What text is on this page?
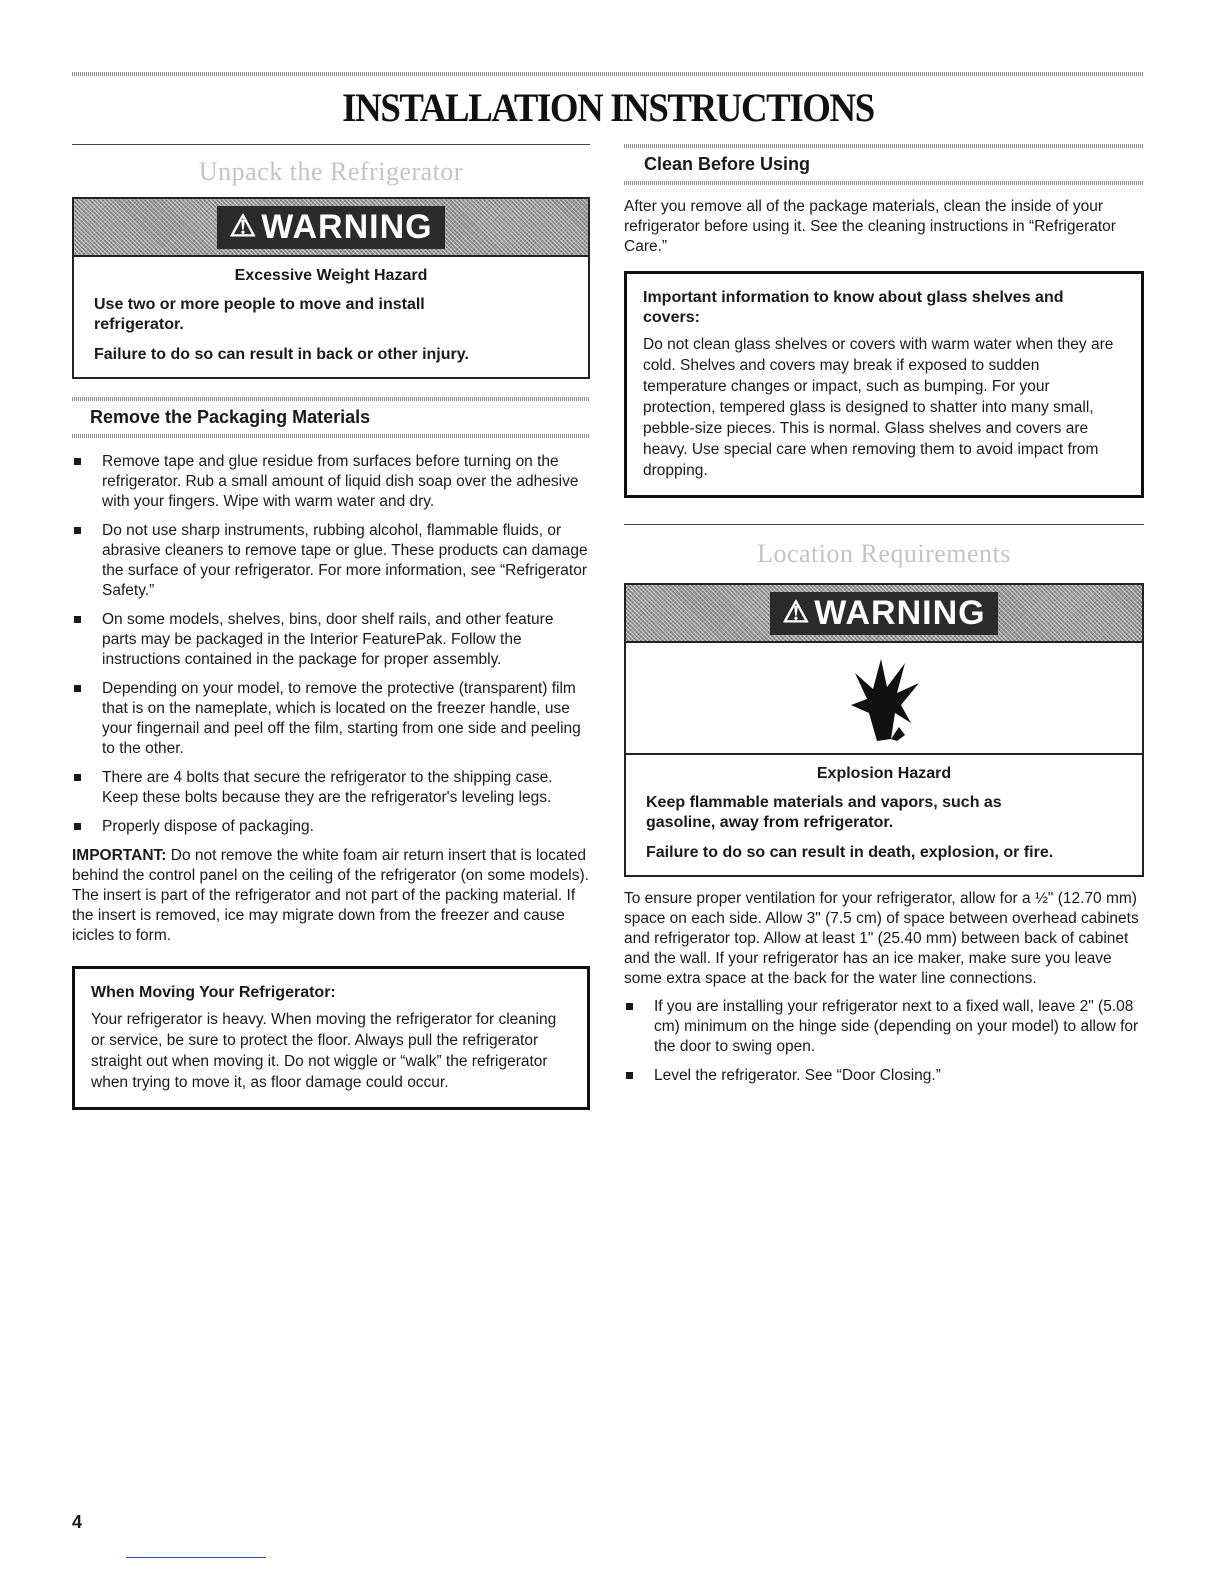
INSTALLATION INSTRUCTIONS
Unpack the Refrigerator
⚠ WARNING
Excessive Weight Hazard

Use two or more people to move and install refrigerator.

Failure to do so can result in back or other injury.

Remove the Packaging Materials
Remove tape and glue residue from surfaces before turning on the refrigerator. Rub a small amount of liquid dish soap over the adhesive with your fingers. Wipe with warm water and dry.
Do not use sharp instruments, rubbing alcohol, flammable fluids, or abrasive cleaners to remove tape or glue. These products can damage the surface of your refrigerator. For more information, see “Refrigerator Safety.”
On some models, shelves, bins, door shelf rails, and other feature parts may be packaged in the Interior FeaturePak. Follow the instructions contained in the package for proper assembly.
Depending on your model, to remove the protective (transparent) film that is on the nameplate, which is located on the freezer handle, use your fingernail and peel off the film, starting from one side and peeling to the other.
There are 4 bolts that secure the refrigerator to the shipping case. Keep these bolts because they are the refrigerator's leveling legs.
Properly dispose of packaging.

IMPORTANT: Do not remove the white foam air return insert that is located behind the control panel on the ceiling of the refrigerator (on some models). The insert is part of the refrigerator and not part of the packing material. If the insert is removed, ice may migrate down from the freezer and cause icicles to form.

When Moving Your Refrigerator:
Your refrigerator is heavy. When moving the refrigerator for cleaning or service, be sure to protect the floor. Always pull the refrigerator straight out when moving it. Do not wiggle or “walk” the refrigerator when trying to move it, as floor damage could occur.
Clean Before Using

After you remove all of the package materials, clean the inside of your refrigerator before using it. See the cleaning instructions in “Refrigerator Care.”

Important information to know about glass shelves and covers:
Do not clean glass shelves or covers with warm water when they are cold. Shelves and covers may break if exposed to sudden temperature changes or impact, such as bumping. For your protection, tempered glass is designed to shatter into many small, pebble-size pieces. This is normal. Glass shelves and covers are heavy. Use special care when removing them to avoid impact from dropping.
Location Requirements
⚠ WARNING
Explosion Hazard

Keep flammable materials and vapors, such as gasoline, away from refrigerator.

Failure to do so can result in death, explosion, or fire.

To ensure proper ventilation for your refrigerator, allow for a ½" (12.70 mm) space on each side. Allow 3" (7.5 cm) of space between overhead cabinets and refrigerator top. Allow at least 1" (25.40 mm) between back of cabinet and the wall. If your refrigerator has an ice maker, make sure you leave some extra space at the back for the water line connections.

If you are installing your refrigerator next to a fixed wall, leave 2" (5.08 cm) minimum on the hinge side (depending on your model) to allow for the door to swing open.
Level the refrigerator. See “Door Closing.”
4
